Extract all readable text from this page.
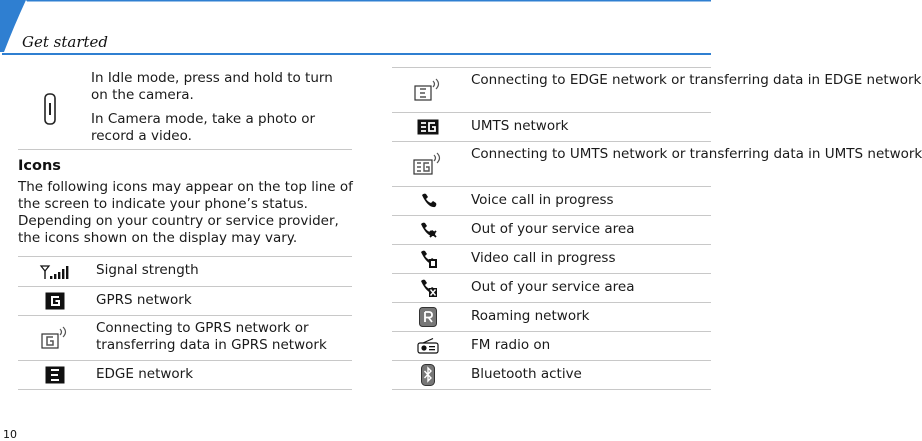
Get started

In Idle mode, press and hold to turn on the camera.

In Camera mode, take a photo or record a video.

Icons

The following icons may appear on the top line of the screen to indicate your phone’s status. Depending on your country or service provider, the icons shown on the display may vary.

Signal strength
GPRS network
Connecting to GPRS network or transferring data in GPRS network
EDGE network
Connecting to EDGE network or transferring data in EDGE network
UMTS network
Connecting to UMTS network or transferring data in UMTS network
Voice call in progress
Out of your service area
Video call in progress
Out of your service area
Roaming network
FM radio on
Bluetooth active
10
